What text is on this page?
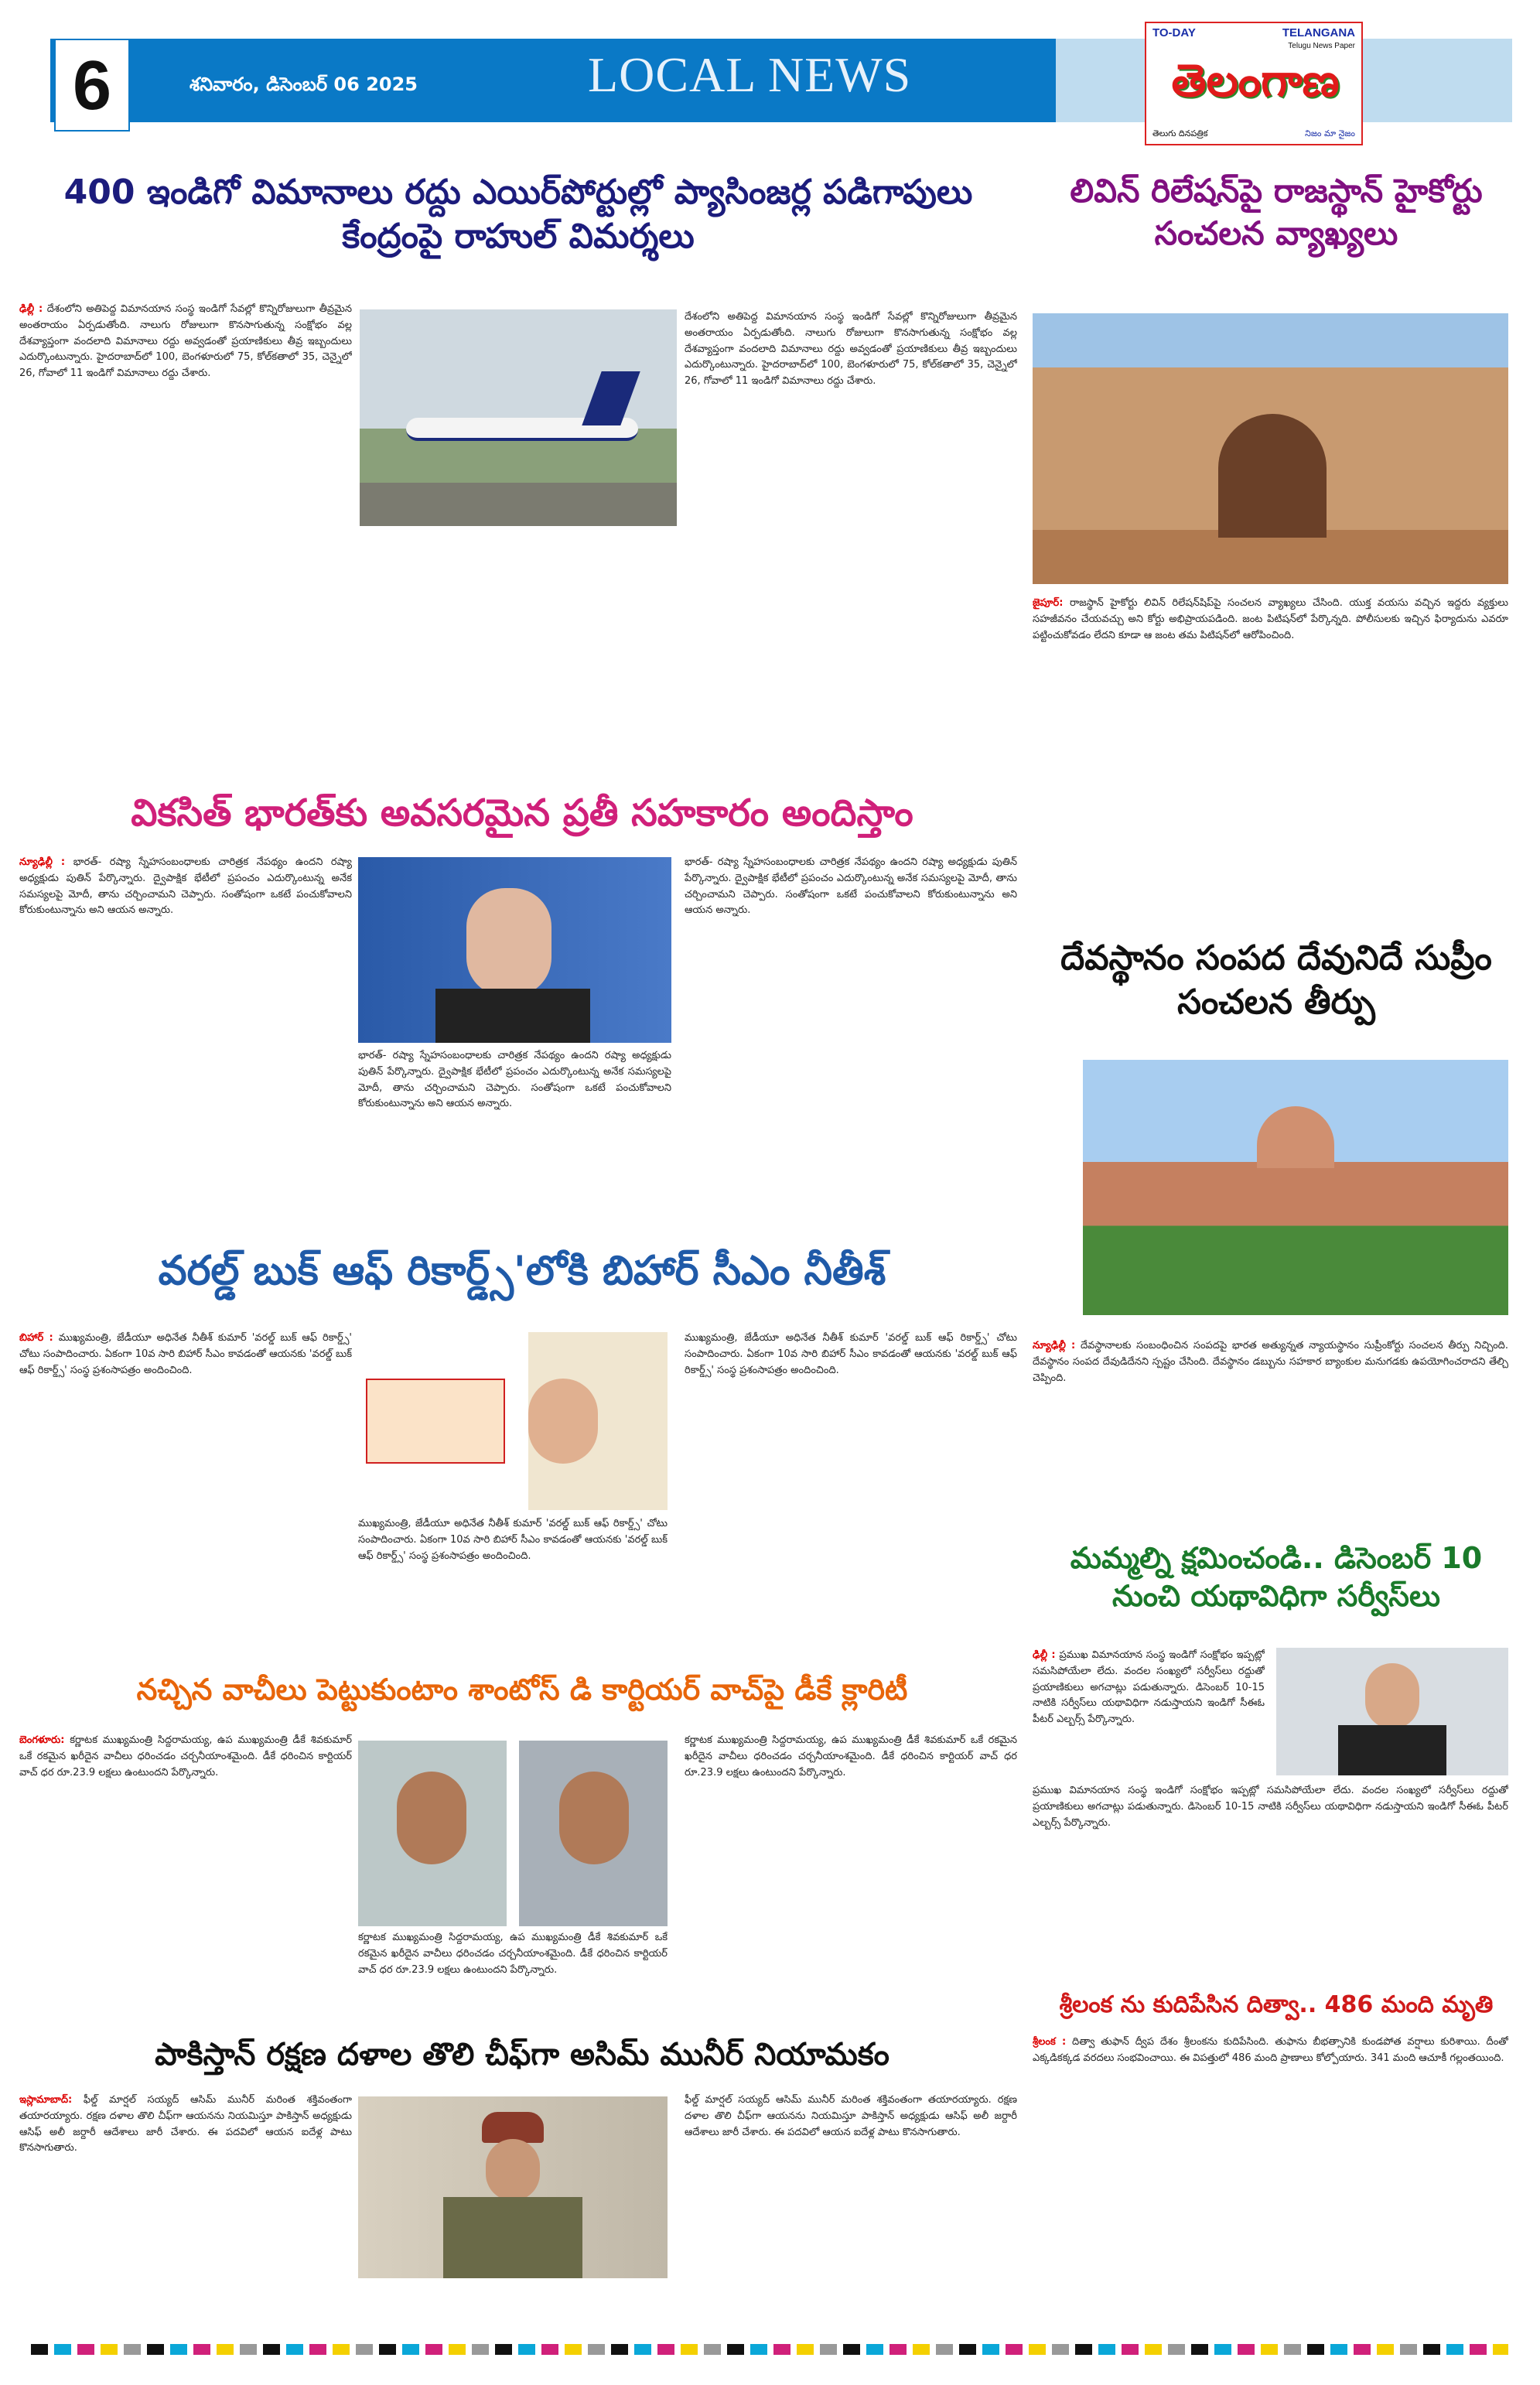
6	శనివారం, డిసెంబర్ 06 2025	LOCAL NEWS
TO-DAY	TELANGANA
Telugu News Paper
తెలంగాణ
తెలుగు దినపత్రిక	నిజం మా నైజం
400 ఇండిగో విమానాలు రద్దు ఎయిర్‌పోర్టుల్లో ప్యాసింజర్ల పడిగాపులు కేంద్రంపై రాహుల్ విమర్శలు
ఢిల్లీ : దేశంలోని అతిపెద్ద విమానయాన సంస్థ ఇండిగో సేవల్లో కొన్నిరోజులుగా తీవ్రమైన అంతరాయం ఏర్పడుతోంది. నాలుగు రోజులుగా కొనసాగుతున్న సంక్షోభం వల్ల దేశవ్యాప్తంగా వందలాది విమానాలు రద్దు అవ్వడంతో ప్రయాణికులు తీవ్ర ఇబ్బందులు ఎదుర్కొంటున్నారు. హైదరాబాద్‌లో 100, బెంగళూరులో 75, కోల్‌కతాలో 35, చెన్నైలో 26, గోవాలో 11 ఇండిగో విమానాలు రద్దు చేశారు.
దేశంలోని అతిపెద్ద విమానయాన సంస్థ ఇండిగో సేవల్లో కొన్నిరోజులుగా తీవ్రమైన అంతరాయం ఏర్పడుతోంది. నాలుగు రోజులుగా కొనసాగుతున్న సంక్షోభం వల్ల దేశవ్యాప్తంగా వందలాది విమానాలు రద్దు అవ్వడంతో ప్రయాణికులు తీవ్ర ఇబ్బందులు ఎదుర్కొంటున్నారు. హైదరాబాద్‌లో 100, బెంగళూరులో 75, కోల్‌కతాలో 35, చెన్నైలో 26, గోవాలో 11 ఇండిగో విమానాలు రద్దు చేశారు.
లివిన్ రిలేషన్‌పై రాజస్థాన్ హైకోర్టు సంచలన వ్యాఖ్యలు
జైపూర్: రాజస్థాన్ హైకోర్టు లివిన్ రిలేషన్‌షిప్‌పై సంచలన వ్యాఖ్యలు చేసింది. యుక్త వయసు వచ్చిన ఇద్దరు వ్యక్తులు సహజీవనం చేయవచ్చు అని కోర్టు అభిప్రాయపడింది. జంట పిటిషన్‌లో పేర్కొన్నది. పోలీసులకు ఇచ్చిన ఫిర్యాదును ఎవరూ పట్టించుకోవడం లేదని కూడా ఆ జంట తమ పిటిషన్‌లో ఆరోపించింది.
వికసిత్ భారత్‌కు అవసరమైన ప్రతీ సహకారం అందిస్తాం
న్యూఢిల్లీ : భారత్- రష్యా స్నేహసంబంధాలకు చారిత్రక నేపథ్యం ఉందని రష్యా అధ్యక్షుడు పుతిన్ పేర్కొన్నారు. ద్వైపాక్షిక భేటీలో ప్రపంచం ఎదుర్కొంటున్న అనేక సమస్యలపై మోదీ, తాను చర్చించామని చెప్పారు. సంతోషంగా ఒకటే పంచుకోవాలని కోరుకుంటున్నాను అని ఆయన అన్నారు.
భారత్- రష్యా స్నేహసంబంధాలకు చారిత్రక నేపథ్యం ఉందని రష్యా అధ్యక్షుడు పుతిన్ పేర్కొన్నారు. ద్వైపాక్షిక భేటీలో ప్రపంచం ఎదుర్కొంటున్న అనేక సమస్యలపై మోదీ, తాను చర్చించామని చెప్పారు. సంతోషంగా ఒకటే పంచుకోవాలని కోరుకుంటున్నాను అని ఆయన అన్నారు.
భారత్- రష్యా స్నేహసంబంధాలకు చారిత్రక నేపథ్యం ఉందని రష్యా అధ్యక్షుడు పుతిన్ పేర్కొన్నారు. ద్వైపాక్షిక భేటీలో ప్రపంచం ఎదుర్కొంటున్న అనేక సమస్యలపై మోదీ, తాను చర్చించామని చెప్పారు. సంతోషంగా ఒకటే పంచుకోవాలని కోరుకుంటున్నాను అని ఆయన అన్నారు.
దేవస్థానం సంపద దేవునిదే సుప్రీం సంచలన తీర్పు
న్యూఢిల్లీ : దేవస్థానాలకు సంబంధించిన సంపదపై భారత అత్యున్నత న్యాయస్థానం సుప్రీంకోర్టు సంచలన తీర్పు నిచ్చింది. దేవస్థానం సంపద దేవుడిదేనని స్పష్టం చేసింది. దేవస్థానం డబ్బును సహకార బ్యాంకుల మనుగడకు ఉపయోగించరాదని తేల్చి చెప్పింది.
వరల్డ్ బుక్ ఆఫ్ రికార్డ్స్'లోకి బిహార్ సీఎం నీతీశ్
బిహార్ : ముఖ్యమంత్రి, జేడీయూ అధినేత నీతీశ్ కుమార్ 'వరల్డ్ బుక్ ఆఫ్ రికార్డ్స్' చోటు సంపాదించారు. ఏకంగా 10వ సారి బిహార్ సీఎం కావడంతో ఆయనకు 'వరల్డ్ బుక్ ఆఫ్ రికార్డ్స్' సంస్థ ప్రశంసాపత్రం అందించింది.
ముఖ్యమంత్రి, జేడీయూ అధినేత నీతీశ్ కుమార్ 'వరల్డ్ బుక్ ఆఫ్ రికార్డ్స్' చోటు సంపాదించారు. ఏకంగా 10వ సారి బిహార్ సీఎం కావడంతో ఆయనకు 'వరల్డ్ బుక్ ఆఫ్ రికార్డ్స్' సంస్థ ప్రశంసాపత్రం అందించింది.
ముఖ్యమంత్రి, జేడీయూ అధినేత నీతీశ్ కుమార్ 'వరల్డ్ బుక్ ఆఫ్ రికార్డ్స్' చోటు సంపాదించారు. ఏకంగా 10వ సారి బిహార్ సీఎం కావడంతో ఆయనకు 'వరల్డ్ బుక్ ఆఫ్ రికార్డ్స్' సంస్థ ప్రశంసాపత్రం అందించింది.
మమ్మల్ని క్షమించండి.. డిసెంబర్ 10 నుంచి యథావిధిగా సర్వీస్‌లు
ఢిల్లీ : ప్రముఖ విమానయాన సంస్థ ఇండిగో సంక్షోభం ఇప్పట్లో సమసిపోయేలా లేదు. వందల సంఖ్యలో సర్వీస్‌లు రద్దుతో ప్రయాణికులు అగచాట్లు పడుతున్నారు. డిసెంబర్ 10-15 నాటికి సర్వీస్‌లు యథావిధిగా నడుస్తాయని ఇండిగో సీఈఓ పీటర్ ఎల్బర్స్ పేర్కొన్నారు.
ప్రముఖ విమానయాన సంస్థ ఇండిగో సంక్షోభం ఇప్పట్లో సమసిపోయేలా లేదు. వందల సంఖ్యలో సర్వీస్‌లు రద్దుతో ప్రయాణికులు అగచాట్లు పడుతున్నారు. డిసెంబర్ 10-15 నాటికి సర్వీస్‌లు యథావిధిగా నడుస్తాయని ఇండిగో సీఈఓ పీటర్ ఎల్బర్స్ పేర్కొన్నారు.
నచ్చిన వాచీలు పెట్టుకుంటాం శాంటోస్ డి కార్టియర్ వాచ్‌పై డీకే క్లారిటీ
బెంగళూరు: కర్ణాటక ముఖ్యమంత్రి సిద్దరామయ్య, ఉప ముఖ్యమంత్రి డీకే శివకుమార్ ఒకే రకమైన ఖరీదైన వాచీలు ధరించడం చర్చనీయాంశమైంది. డీకే ధరించిన కార్టియర్ వాచ్ ధర రూ.23.9 లక్షలు ఉంటుందని పేర్కొన్నారు.
కర్ణాటక ముఖ్యమంత్రి సిద్దరామయ్య, ఉప ముఖ్యమంత్రి డీకే శివకుమార్ ఒకే రకమైన ఖరీదైన వాచీలు ధరించడం చర్చనీయాంశమైంది. డీకే ధరించిన కార్టియర్ వాచ్ ధర రూ.23.9 లక్షలు ఉంటుందని పేర్కొన్నారు.
కర్ణాటక ముఖ్యమంత్రి సిద్దరామయ్య, ఉప ముఖ్యమంత్రి డీకే శివకుమార్ ఒకే రకమైన ఖరీదైన వాచీలు ధరించడం చర్చనీయాంశమైంది. డీకే ధరించిన కార్టియర్ వాచ్ ధర రూ.23.9 లక్షలు ఉంటుందని పేర్కొన్నారు.
శ్రీలంక ను కుదిపేసిన దిత్వా.. 486 మంది మృతి
శ్రీలంక : దిత్వా తుఫాన్ ద్వీప దేశం శ్రీలంకను కుదిపేసింది. తుఫాను బీభత్సానికి కుండపోత వర్షాలు కురిశాయి. దీంతో ఎక్కడికక్కడ వరదలు సంభవించాయి. ఈ విపత్తులో 486 మంది ప్రాణాలు కోల్పోయారు. 341 మంది ఆచూకీ గల్లంతయింది.
పాకిస్తాన్ రక్షణ దళాల తొలి చీఫ్‌గా అసిమ్ మునీర్ నియామకం
ఇస్లామాబాద్: ఫీల్డ్ మార్షల్ సయ్యద్ ఆసిమ్ మునీర్ మరింత శక్తివంతంగా తయారయ్యారు. రక్షణ దళాల తొలి చీఫ్‌గా ఆయనను నియమిస్తూ పాకిస్తాన్ అధ్యక్షుడు ఆసిఫ్ అలీ జర్దారీ ఆదేశాలు జారీ చేశారు. ఈ పదవిలో ఆయన ఐదేళ్ల పాటు కొనసాగుతారు.
ఫీల్డ్ మార్షల్ సయ్యద్ ఆసిమ్ మునీర్ మరింత శక్తివంతంగా తయారయ్యారు. రక్షణ దళాల తొలి చీఫ్‌గా ఆయనను నియమిస్తూ పాకిస్తాన్ అధ్యక్షుడు ఆసిఫ్ అలీ జర్దారీ ఆదేశాలు జారీ చేశారు. ఈ పదవిలో ఆయన ఐదేళ్ల పాటు కొనసాగుతారు.
